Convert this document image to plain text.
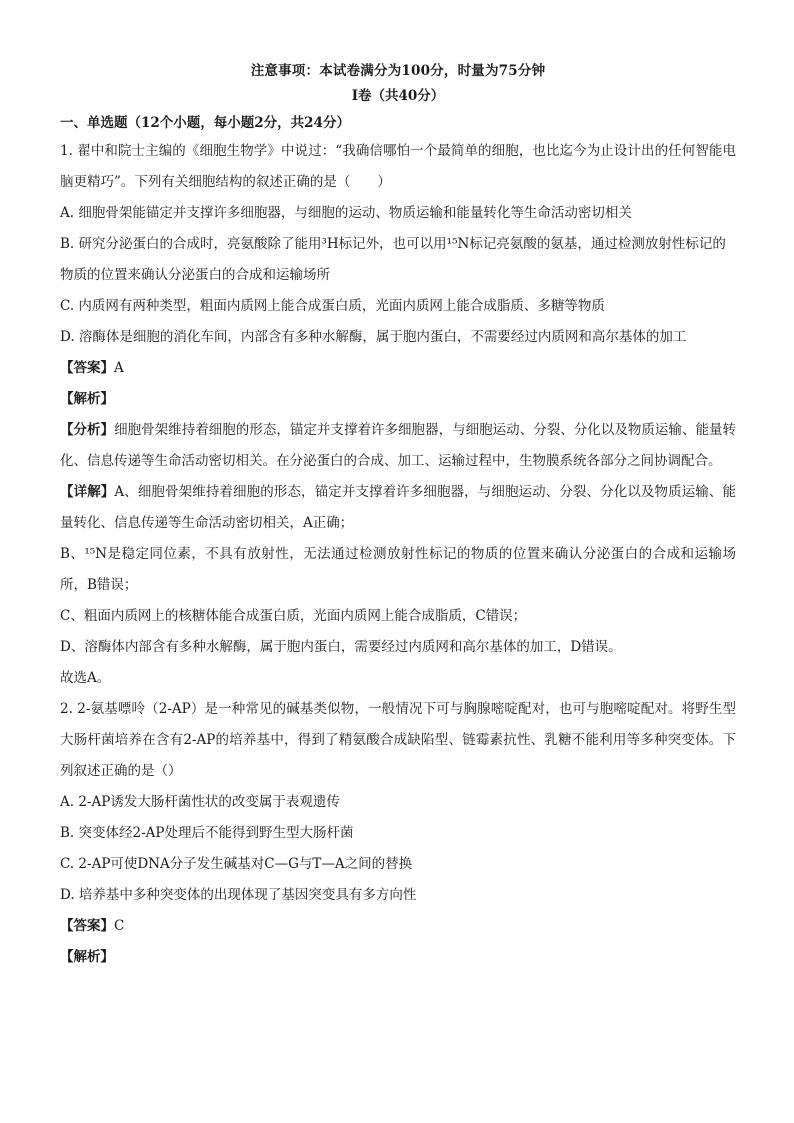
注意事项：本试卷满分为100分，时量为75分钟
Ⅰ卷（共40分）
一、单选题（12个小题，每小题2分，共24分）
1. 翟中和院士主编的《细胞生物学》中说过：“我确信哪怕一个最简单的细胞，也比迄今为止设计出的任何智能电脑更精巧”。下列有关细胞结构的叙述正确的是（　　）
A. 细胞骨架能锚定并支撑许多细胞器，与细胞的运动、物质运输和能量转化等生命活动密切相关
B. 研究分泌蛋白的合成时，亮氨酸除了能用³H标记外，也可以用¹⁵N标记亮氨酸的氨基，通过检测放射性标记的物质的位置来确认分泌蛋白的合成和运输场所
C. 内质网有两种类型，粗面内质网上能合成蛋白质，光面内质网上能合成脂质、多糖等物质
D. 溶酶体是细胞的消化车间，内部含有多种水解酶，属于胞内蛋白，不需要经过内质网和高尔基体的加工
【答案】A
【解析】
【分析】细胞骨架维持着细胞的形态，锚定并支撑着许多细胞器，与细胞运动、分裂、分化以及物质运输、能量转化、信息传递等生命活动密切相关。在分泌蛋白的合成、加工、运输过程中，生物膜系统各部分之间协调配合。
【详解】A、细胞骨架维持着细胞的形态，锚定并支撑着许多细胞器，与细胞运动、分裂、分化以及物质运输、能量转化、信息传递等生命活动密切相关，A正确；
B、¹⁵N是稳定同位素，不具有放射性，无法通过检测放射性标记的物质的位置来确认分泌蛋白的合成和运输场所，B错误；
C、粗面内质网上的核糖体能合成蛋白质，光面内质网上能合成脂质，C错误；
D、溶酶体内部含有多种水解酶，属于胞内蛋白，需要经过内质网和高尔基体的加工，D错误。
故选A。
2. 2-氨基嘌呤（2-AP）是一种常见的碱基类似物，一般情况下可与胸腺嘧啶配对，也可与胞嘧啶配对。将野生型大肠杆菌培养在含有2-AP的培养基中，得到了精氨酸合成缺陷型、链霉素抗性、乳糖不能利用等多种突变体。下列叙述正确的是（）
A. 2-AP诱发大肠杆菌性状的改变属于表观遗传
B. 突变体经2-AP处理后不能得到野生型大肠杆菌
C. 2-AP可使DNA分子发生碱基对C—G与T—A之间的替换
D. 培养基中多种突变体的出现体现了基因突变具有多方向性
【答案】C
【解析】
